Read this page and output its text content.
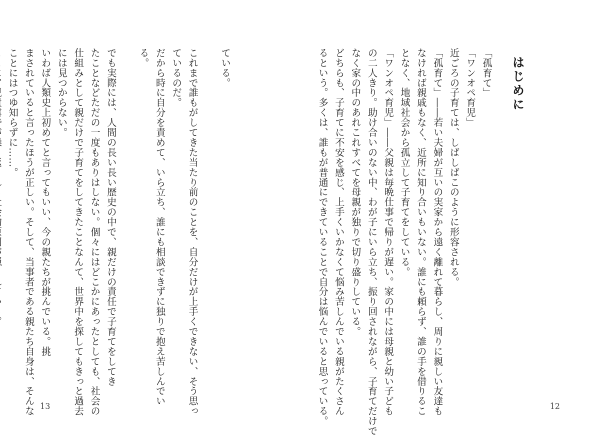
ている。
これまで誰もがしてきた当たり前のことを、自分だけが上手くできない、そう思っ
ているのだ。
だから時に自分を責めて、いら立ち、誰にも相談できずに独りで抱え苦しんでい
る。
でも実際には、人間の長い長い歴史の中で、親だけの責任で子育てをしてき
たことなどただの一度もありはしない。個々にはどこかにあったとしても、社会の
仕組みとして親だけで子育てをしてきたことなんて、世界中を探してもきっと過去
には見つからない。
いわば人類史上初めてと言ってもいい、今の親たちが挑んでいる。挑
まされていると言ったほうが正しい。そして、当事者である親たち自身は、そんな
ことにはつゆ知らずに……。
13
はじめに
「孤育て」
「ワンオペ育児」
近ごろの子育ては、しばしばこのように形容される。
「孤育て」――若い夫婦が互いの実家から遠く離れて暮らし、周りに親しい友達も
なければ親戚もなく、近所に知り合いもいない。誰にも頼らず、誰の手を借りるこ
となく、地域社会から孤立して子育てをしている。
「ワンオペ育児」――父親は毎晩仕事で帰りが遅い。家の中には母親と幼い子ども
の二人きり。助け合いのない中、わが子にいら立ち、振り回されながら、子育てだけで
なく家の中のあれこれすべてを母親が独りで切り盛りしている。
どちらも、子育てに不安を感じ、上手くいかなくて悩み苦しんでいる親がたくさん
るという。多くは、誰もが普通にできていることで自分は悩んでいると思っている。	12
